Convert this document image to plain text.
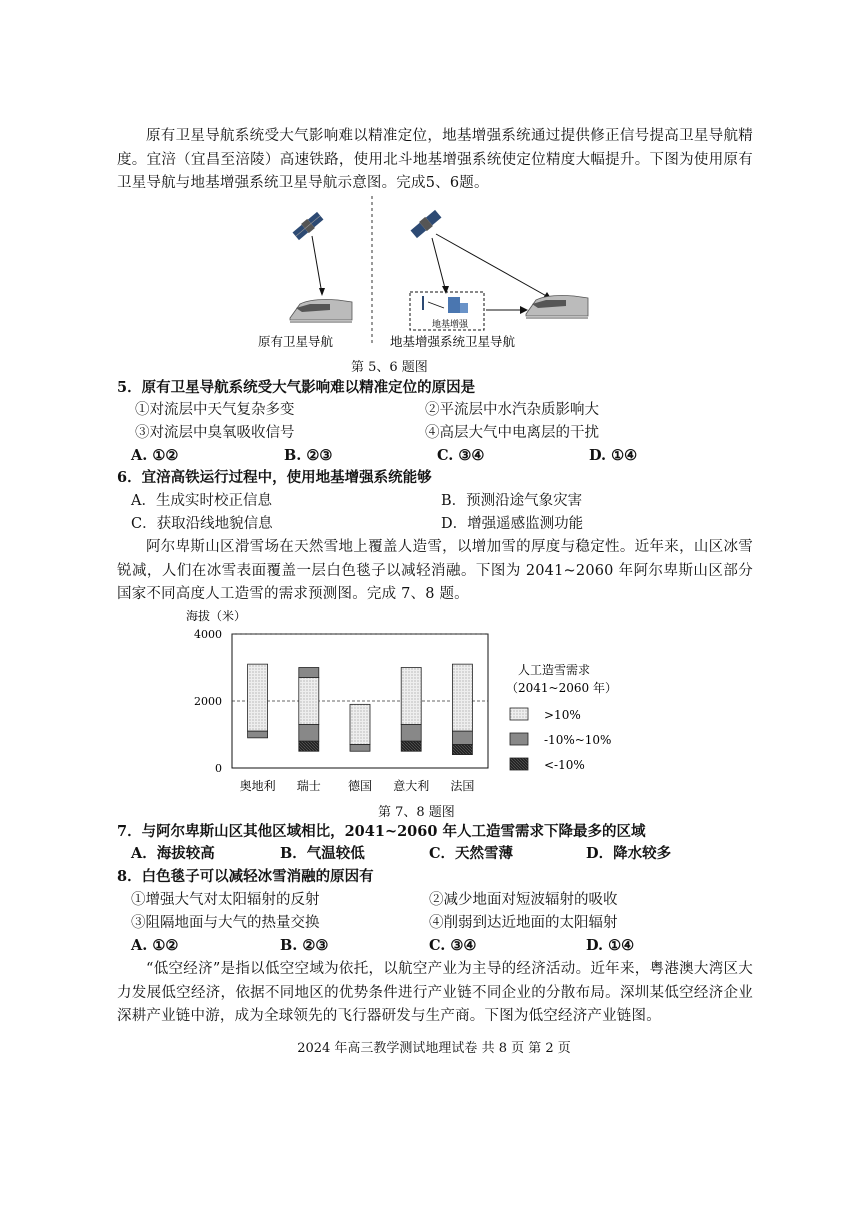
原有卫星导航系统受大气影响难以精准定位，地基增强系统通过提供修正信号提高卫星导航精度。宜涪（宜昌至涪陵）高速铁路，使用北斗地基增强系统使定位精度大幅提升。下图为使用原有卫星导航与地基增强系统卫星导航示意图。完成5、6题。
原有卫星导航
地基增强
地基增强系统卫星导航
第 5、6 题图
5．原有卫星导航系统受大气影响难以精准定位的原因是
①对流层中天气复杂多变	②平流层中水汽杂质影响大
③对流层中臭氧吸收信号	④高层大气中电离层的干扰
A. ①②	B. ②③	C. ③④	D. ①④
6．宜涪高铁运行过程中，使用地基增强系统能够
A．生成实时校正信息	B．预测沿途气象灾害
C．获取沿线地貌信息	D．增强遥感监测功能
阿尔卑斯山区滑雪场在天然雪地上覆盖人造雪，以增加雪的厚度与稳定性。近年来，山区冰雪锐减，人们在冰雪表面覆盖一层白色毯子以减轻消融。下图为 2041~2060 年阿尔卑斯山区部分国家不同高度人工造雪的需求预测图。完成 7、8 题。
海拔（米）
0
2000
4000
奥地利 瑞士 德国 意大利 法国
人工造雪需求
（2041~2060 年）
>10%
-10%~10%
<-10%
第 7、8 题图
7．与阿尔卑斯山区其他区域相比，2041~2060 年人工造雪需求下降最多的区域
A．海拔较高	B．气温较低	C．天然雪薄	D．降水较多
8．白色毯子可以减轻冰雪消融的原因有
①增强大气对太阳辐射的反射	②减少地面对短波辐射的吸收
③阻隔地面与大气的热量交换	④削弱到达近地面的太阳辐射
A. ①②	B. ②③	C. ③④	D. ①④
“低空经济”是指以低空空域为依托，以航空产业为主导的经济活动。近年来，粤港澳大湾区大力发展低空经济，依据不同地区的优势条件进行产业链不同企业的分散布局。深圳某低空经济企业深耕产业链中游，成为全球领先的飞行器研发与生产商。下图为低空经济产业链图。
2024 年高三教学测试地理试卷 共 8 页 第 2 页
